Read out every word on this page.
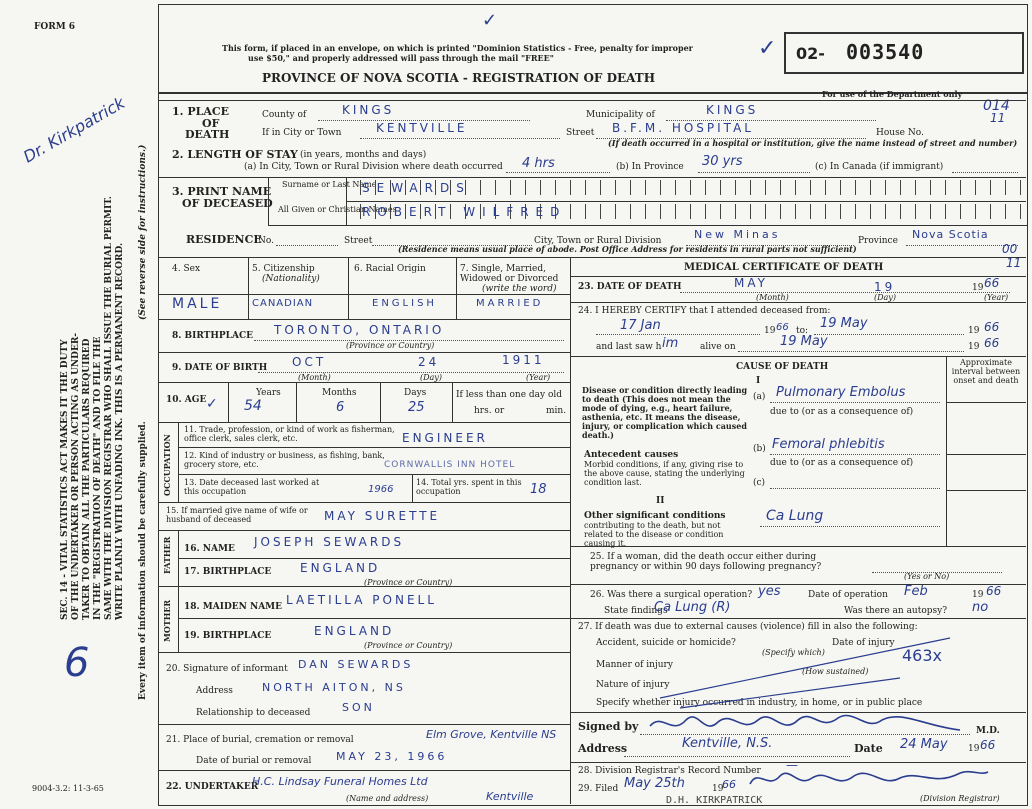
FORM 6
SEC. 14 - VITAL STATISTICS ACT MAKES IT THE DUTY OF THE UNDERTAKER OR PERSON ACTING AS UNDER- TAKER TO OBTAIN ALL THE PARTICULARS REQUIRED IN THE "REGISTRATION OF DEATH" AND TO FILE THE SAME WITH THE DIVISION REGISTRAR WHO SHALL ISSUE THE BURIAL PERMIT. WRITE PLAINLY WITH UNFADING INK. THIS IS A PERMANENT RECORD.
(See reverse side for instructions.)
Every item of information should be carefully supplied.
Dr. Kirkpatrick
6
This form, if placed in an envelope, on which is printed "Dominion Statistics - Free, penalty for improper
use $50," and properly addressed will pass through the mail "FREE"
PROVINCE OF NOVA SCOTIA - REGISTRATION OF DEATH
✓
✓ 02- 003540
For use of the Department only
014
11
1. PLACE
OF
DEATH
County of	KINGS	Municipality of	KINGS
If in City or Town	KENTVILLE	Street B.F.M. HOSPITAL	House No.
(If death occurred in a hospital or institution, give the name instead of street and number)
2. LENGTH OF STAY (in years, months and days)
(a) In City, Town or Rural Division where death occurred 4 hrs	(b) In Province 30 yrs	(c) In Canada (if immigrant)
3. PRINT NAME
OF DECEASED
Surname or Last Name
All Given or Christian Names
SEWARDS
ROBERT WILFRED
RESIDENCE
No.	Street	City, Town or Rural Division	New Minas	Province Nova Scotia
(Residence means usual place of abode. Post Office Address for residents in rural parts not sufficient)	00
11
4. Sex	5. Citizenship
(Nationality)
6. Racial Origin	7. Single, Married, Widowed or Divorced
(write the word)
MALE	CANADIAN	ENGLISH	MARRIED
8. BIRTHPLACE TORONTO, ONTARIO
(Province or Country)
9. DATE OF BIRTH OCT	24	1911
(Month)	(Day)	(Year)
10. AGE
Years	Months	Days	If less than one day old
hrs. or	min.
54	6	25
✓
OCCUPATION
11. Trade, profession, or kind of work as fisherman, office clerk, sales clerk, etc.	ENGINEER
12. Kind of industry or business, as fishing, bank, grocery store, etc.	CORNWALLIS INN HOTEL
13. Date deceased last worked at this occupation	1966
14. Total yrs. spent in this occupation	18
15. If married give name of wife or husband of deceased	MAY SURETTE
FATHER 16. NAME JOSEPH SEWARDS
17. BIRTHPLACE ENGLAND
(Province or Country)
MOTHER 18. MAIDEN NAME LAETILLA PONELL
19. BIRTHPLACE	ENGLAND
(Province or Country)
20. Signature of informant DAN SEWARDS
Address	NORTH AITON, NS
Relationship to deceased	SON
21. Place of burial, cremation or removal	Elm Grove, Kentville NS
Date of burial or removal MAY 23, 1966
22. UNDERTAKER
H.C. Lindsay Funeral Homes Ltd
(Name and address)	Kentville
9004-3.2: 11-3-65
MEDICAL CERTIFICATE OF DEATH
23. DATE OF DEATH	MAY	19	19 66
(Month)	(Day)	(Year)
24. I HEREBY CERTIFY that I attended deceased from:
17 Jan	19 66 to: 19 May	19 66
and last saw h im alive on	19 May	19 66
CAUSE OF DEATH	Approximate interval between onset and death
I
Disease or condition directly leading to death (This does not mean the mode of dying, e.g., heart failure, asthenia, etc. It means the disease, injury, or complication which caused death.)
(a) Pulmonary Embolus
due to (or as a consequence of)
Antecedent causes
Morbid conditions, if any, giving rise to the above cause, stating the underlying condition last.
(b) Femoral phlebitis
due to (or as a consequence of)
(c)
II
Other significant conditions
contributing to the death, but not related to the disease or condition causing it.
Ca Lung
25. If a woman, did the death occur either during pregnancy or within 90 days following pregnancy?
(Yes or No)
26. Was there a surgical operation? yes	Date of operation Feb	19 66
State findings
Ca Lung (R)	Was there an autopsy? no
27. If death was due to external causes (violence) fill in also the following:
Accident, suicide or homicide?	Date of injury
(Specify which)	463x
Manner of injury
(How sustained)
Nature of injury
Specify whether injury occurred in industry, in home, or in public place
Signed by	M.D.
Address	Kentville, N.S.	Date 24 May 19 66
28. Division Registrar's Record Number —
29. Filed May 25th	19
66
(Division Registrar)
D.H. KIRKPATRICK
